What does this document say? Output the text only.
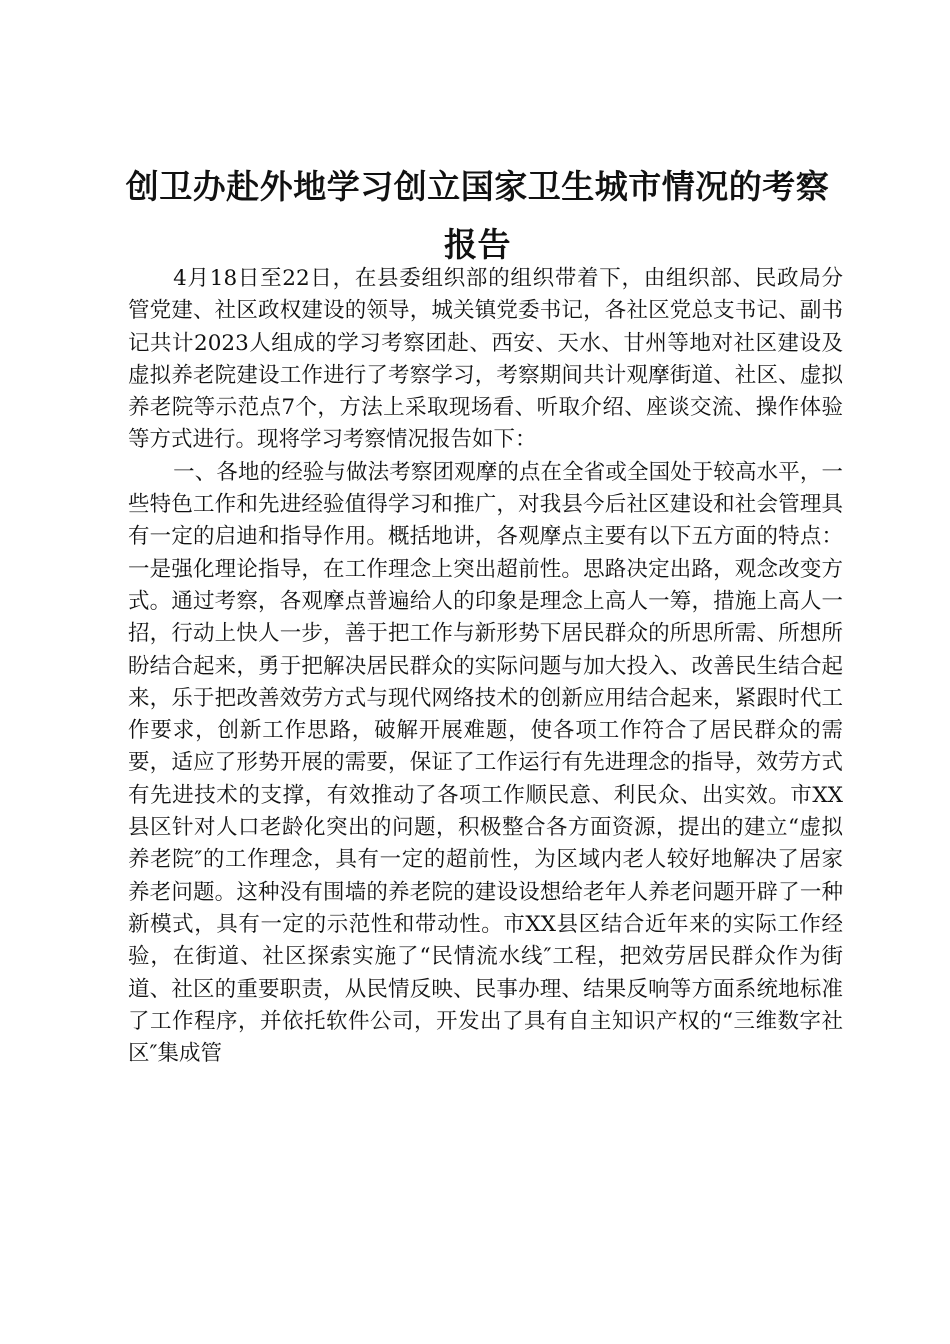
创卫办赴外地学习创立国家卫生城市情况的考察报告

4月18日至22日，在县委组织部的组织带着下，由组织部、民政局分管党建、社区政权建设的领导，城关镇党委书记，各社区党总支书记、副书记共计2023人组成的学习考察团赴、西安、天水、甘州等地对社区建设及虚拟养老院建设工作进行了考察学习，考察期间共计观摩街道、社区、虚拟养老院等示范点7个，方法上采取现场看、听取介绍、座谈交流、操作体验等方式进行。现将学习考察情况报告如下：

一、各地的经验与做法考察团观摩的点在全省或全国处于较高水平，一些特色工作和先进经验值得学习和推广，对我县今后社区建设和社会管理具有一定的启迪和指导作用。概括地讲，各观摩点主要有以下五方面的特点：一是强化理论指导，在工作理念上突出超前性。思路决定出路，观念改变方式。通过考察，各观摩点普遍给人的印象是理念上高人一筹，措施上高人一招，行动上快人一步，善于把工作与新形势下居民群众的所思所需、所想所盼结合起来，勇于把解决居民群众的实际问题与加大投入、改善民生结合起来，乐于把改善效劳方式与现代网络技术的创新应用结合起来，紧跟时代工作要求，创新工作思路，破解开展难题，使各项工作符合了居民群众的需要，适应了形势开展的需要，保证了工作运行有先进理念的指导，效劳方式有先进技术的支撑，有效推动了各项工作顺民意、利民众、出实效。市XX县区针对人口老龄化突出的问题，积极整合各方面资源，提出的建立“虚拟养老院″的工作理念，具有一定的超前性，为区域内老人较好地解决了居家养老问题。这种没有围墙的养老院的建设设想给老年人养老问题开辟了一种新模式，具有一定的示范性和带动性。市XX县区结合近年来的实际工作经验，在街道、社区探索实施了“民情流水线″工程，把效劳居民群众作为街道、社区的重要职责，从民情反映、民事办理、结果反响等方面系统地标准了工作程序，并依托软件公司，开发出了具有自主知识产权的“三维数字社区″集成管
